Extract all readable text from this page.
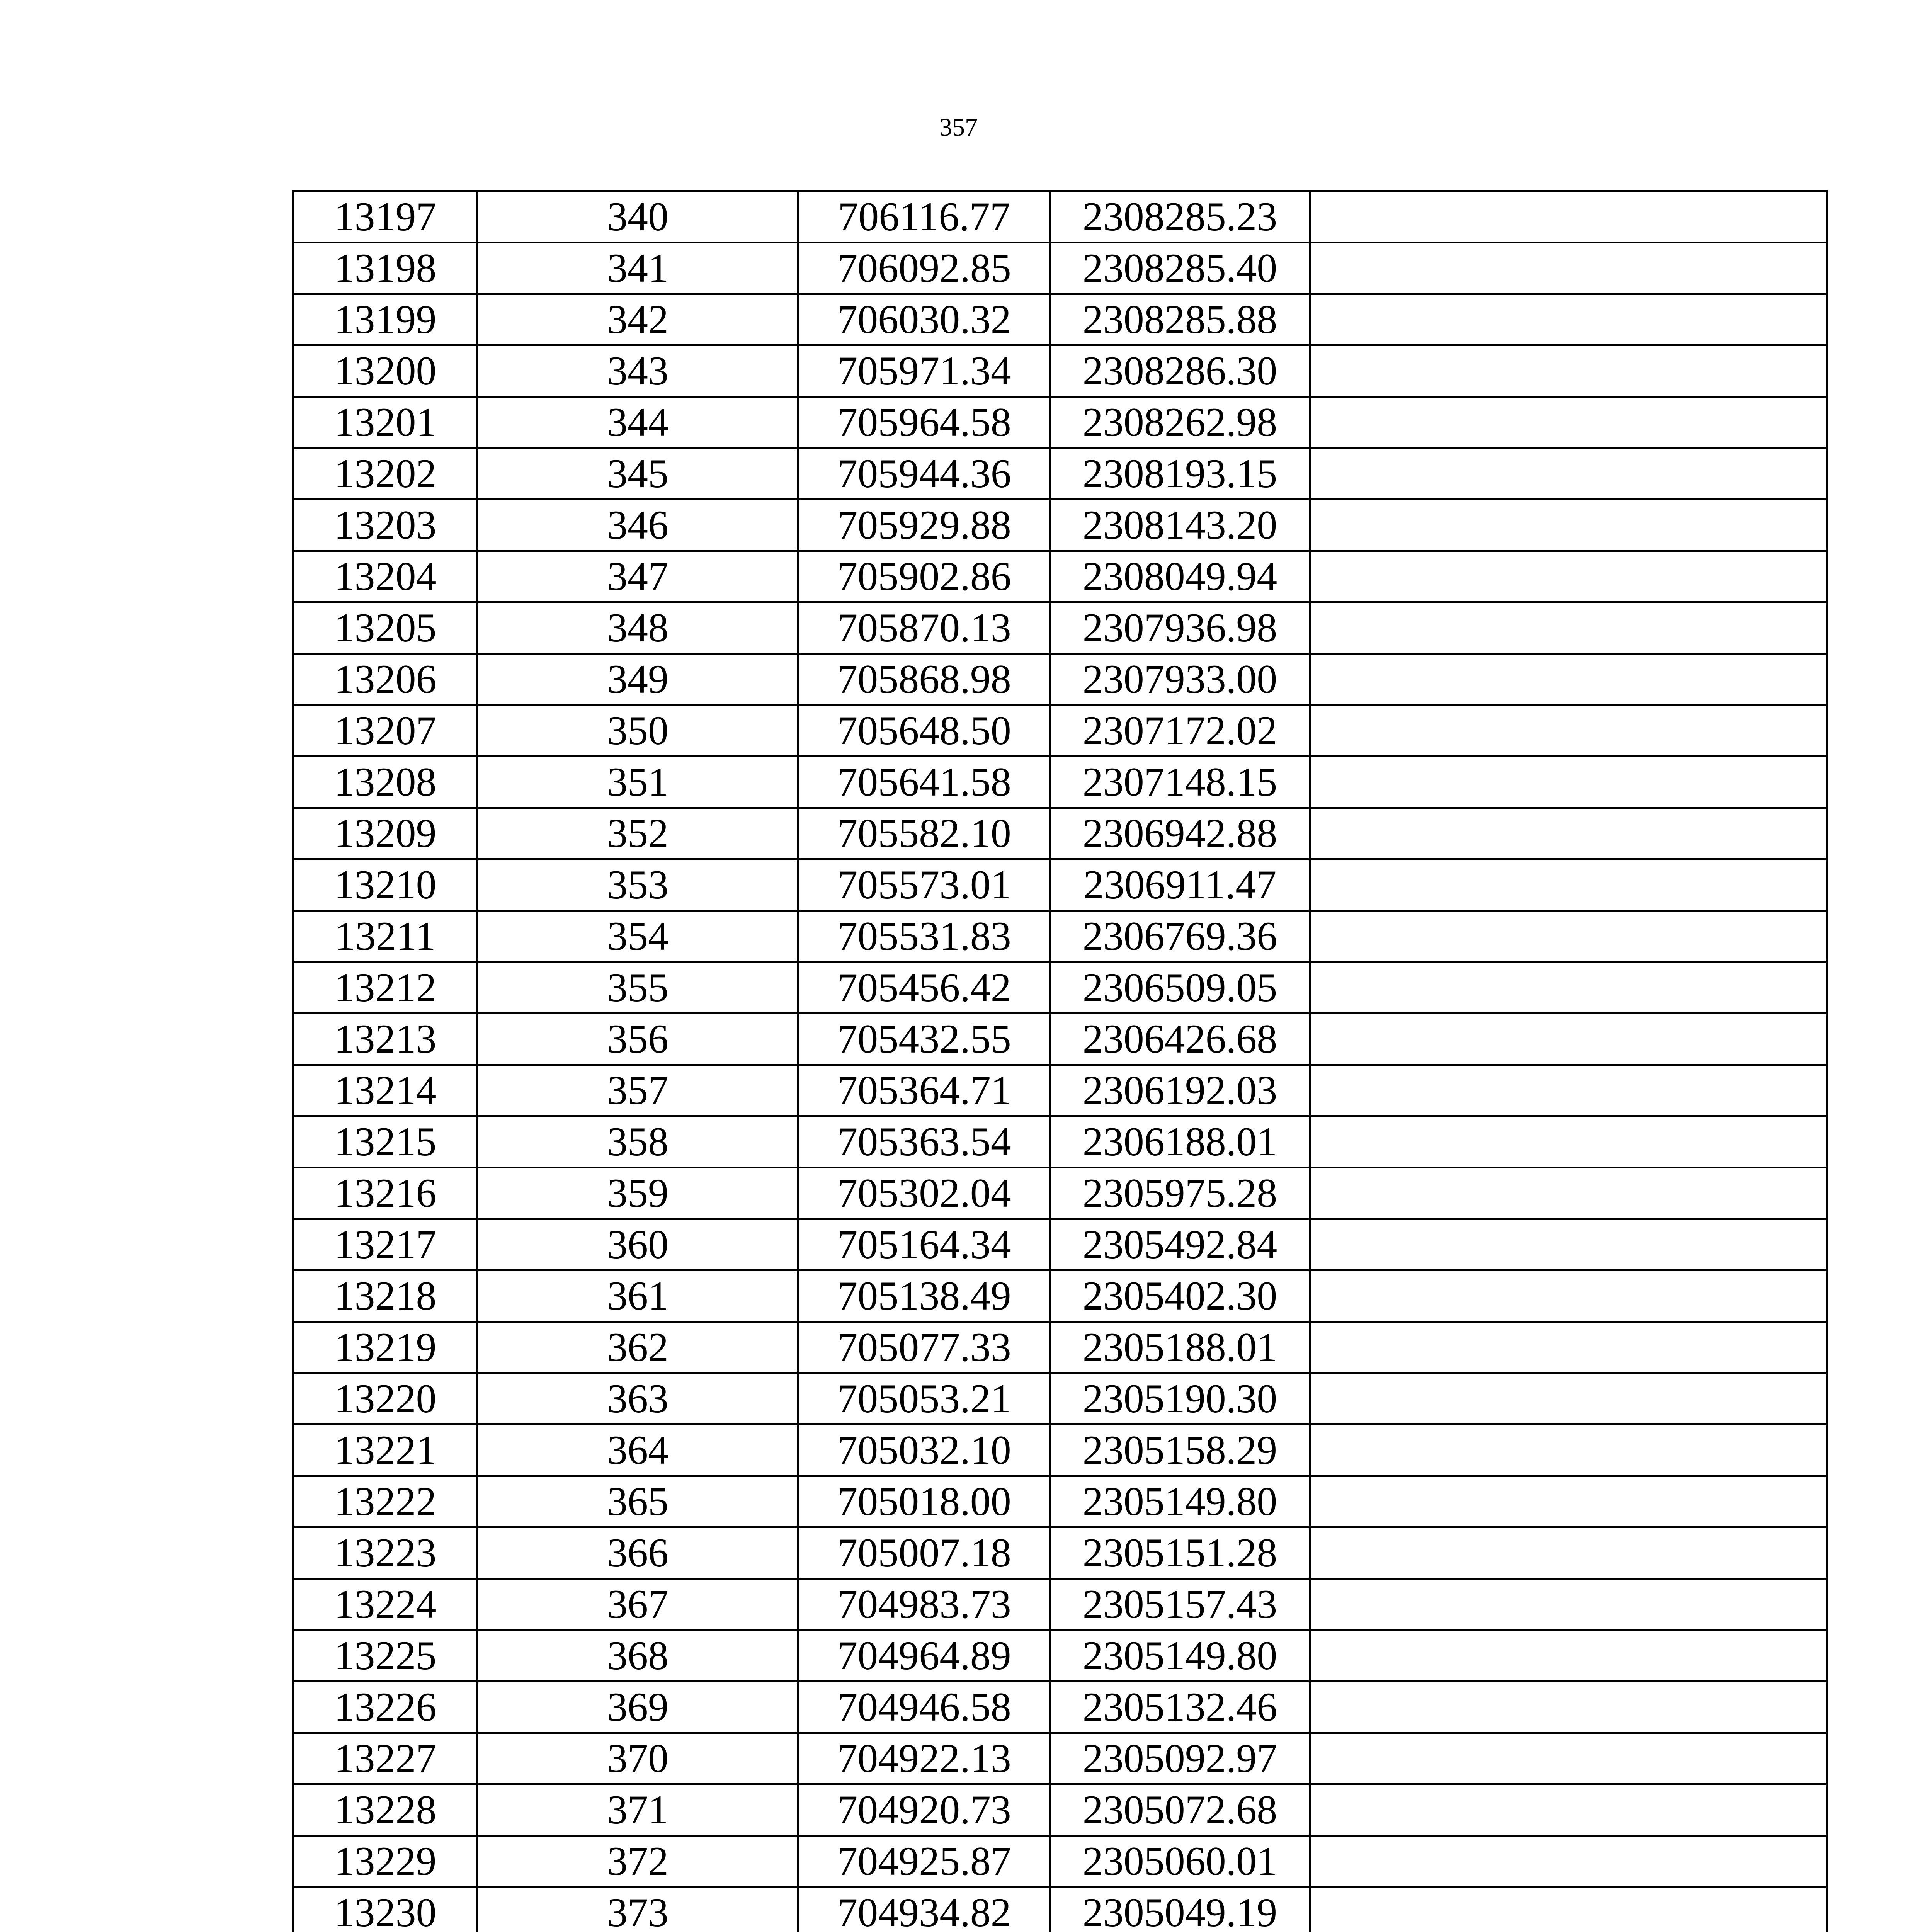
357
13197	340	706116.77	2308285.23	
13198	341	706092.85	2308285.40	
13199	342	706030.32	2308285.88	
13200	343	705971.34	2308286.30	
13201	344	705964.58	2308262.98	
13202	345	705944.36	2308193.15	
13203	346	705929.88	2308143.20	
13204	347	705902.86	2308049.94	
13205	348	705870.13	2307936.98	
13206	349	705868.98	2307933.00	
13207	350	705648.50	2307172.02	
13208	351	705641.58	2307148.15	
13209	352	705582.10	2306942.88	
13210	353	705573.01	2306911.47	
13211	354	705531.83	2306769.36	
13212	355	705456.42	2306509.05	
13213	356	705432.55	2306426.68	
13214	357	705364.71	2306192.03	
13215	358	705363.54	2306188.01	
13216	359	705302.04	2305975.28	
13217	360	705164.34	2305492.84	
13218	361	705138.49	2305402.30	
13219	362	705077.33	2305188.01	
13220	363	705053.21	2305190.30	
13221	364	705032.10	2305158.29	
13222	365	705018.00	2305149.80	
13223	366	705007.18	2305151.28	
13224	367	704983.73	2305157.43	
13225	368	704964.89	2305149.80	
13226	369	704946.58	2305132.46	
13227	370	704922.13	2305092.97	
13228	371	704920.73	2305072.68	
13229	372	704925.87	2305060.01	
13230	373	704934.82	2305049.19	
